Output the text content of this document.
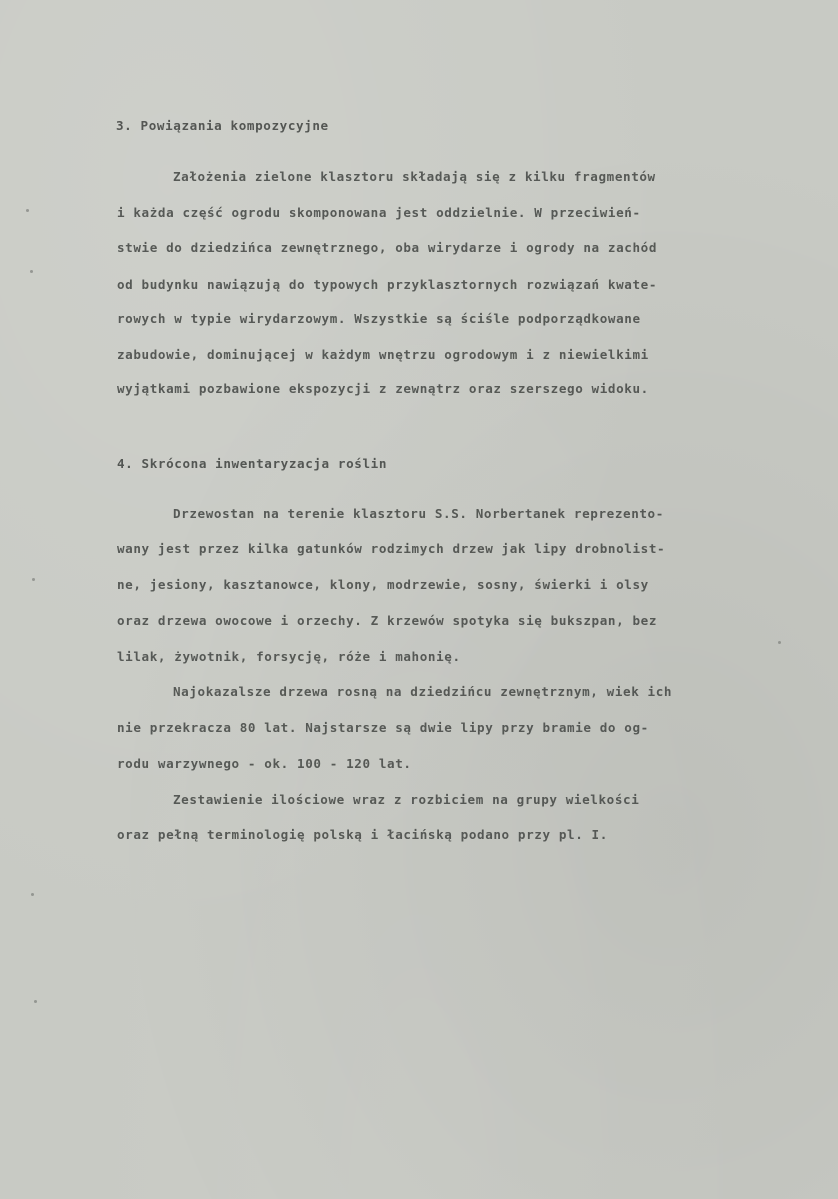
3. Powiązania kompozycyjne
Założenia zielone klasztoru składają się z kilku fragmentów
i każda część ogrodu skomponowana jest oddzielnie. W przeciwień-
stwie do dziedzińca zewnętrznego, oba wirydarze i ogrody na zachód
od budynku nawiązują do typowych przyklasztornych rozwiązań kwate-
rowych w typie wirydarzowym. Wszystkie są ściśle podporządkowane
zabudowie, dominującej w każdym wnętrzu ogrodowym i z niewielkimi
wyjątkami pozbawione ekspozycji z zewnątrz oraz szerszego widoku.
4. Skrócona inwentaryzacja roślin
Drzewostan na terenie klasztoru S.S. Norbertanek reprezento-
wany jest przez kilka gatunków rodzimych drzew jak lipy drobnolist-
ne, jesiony, kasztanowce, klony, modrzewie, sosny, świerki i olsy
oraz drzewa owocowe i orzechy. Z krzewów spotyka się bukszpan, bez
lilak, żywotnik, forsycję, róże i mahonię.
Najokazalsze drzewa rosną na dziedzińcu zewnętrznym, wiek ich
nie przekracza 80 lat. Najstarsze są dwie lipy przy bramie do og-
rodu warzywnego - ok. 100 - 120 lat.
Zestawienie ilościowe wraz z rozbiciem na grupy wielkości
oraz pełną terminologię polską i łacińską podano przy pl. I.
